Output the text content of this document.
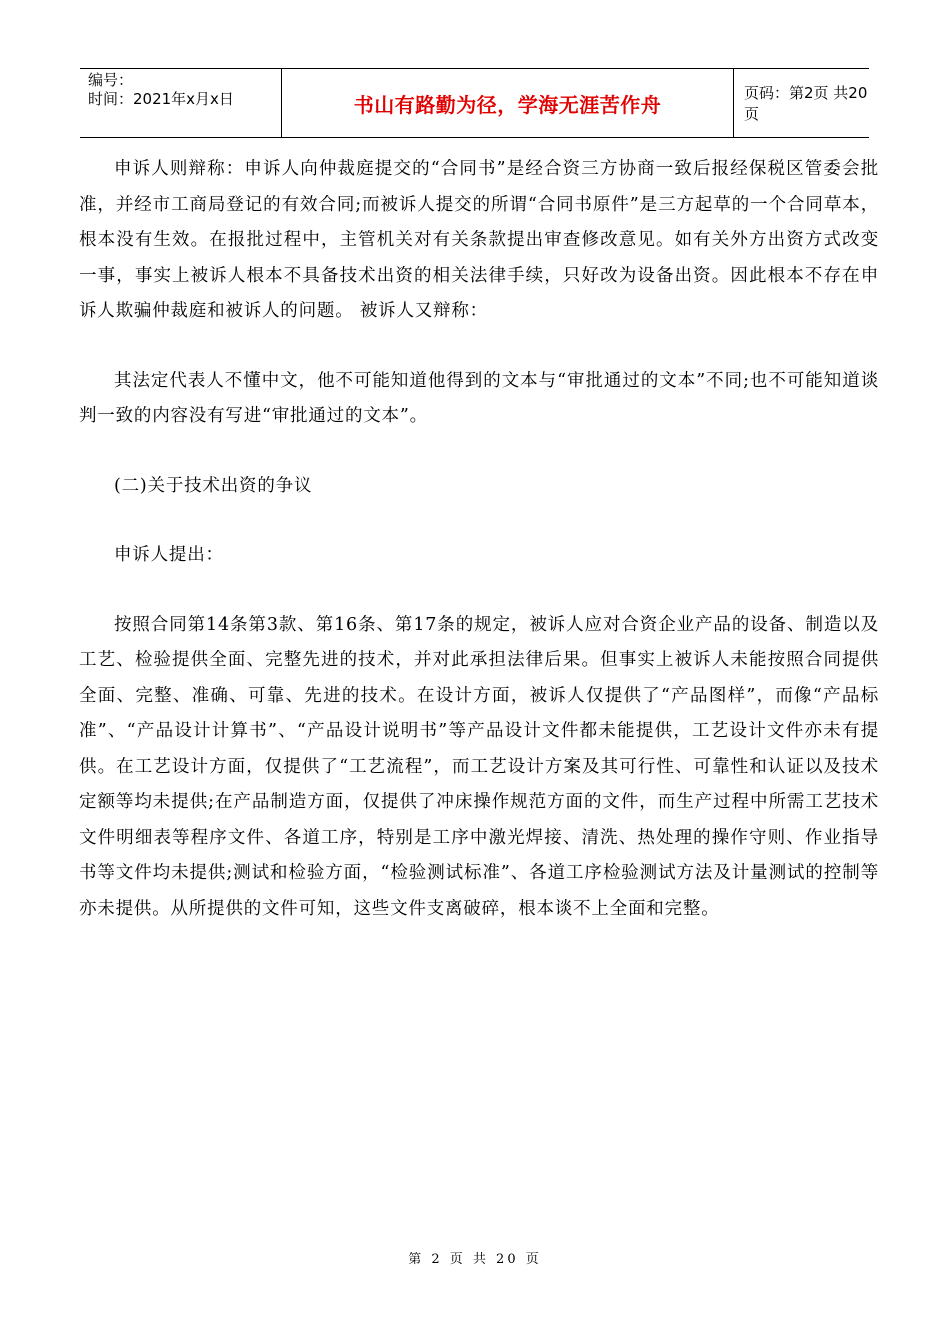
编号：
时间：2021年x月x日	书山有路勤为径，学海无涯苦作舟	页码：第2页 共20页

申诉人则辩称：申诉人向仲裁庭提交的“合同书”是经合资三方协商一致后报经保税区管委会批准，并经市工商局登记的有效合同;而被诉人提交的所谓“合同书原件”是三方起草的一个合同草本，根本没有生效。在报批过程中，主管机关对有关条款提出审查修改意见。如有关外方出资方式改变一事，事实上被诉人根本不具备技术出资的相关法律手续，只好改为设备出资。因此根本不存在申诉人欺骗仲裁庭和被诉人的问题。 被诉人又辩称：

其法定代表人不懂中文，他不可能知道他得到的文本与“审批通过的文本”不同;也不可能知道谈判一致的内容没有写进“审批通过的文本”。

(二)关于技术出资的争议

申诉人提出：

按照合同第14条第3款、第16条、第17条的规定，被诉人应对合资企业产品的设备、制造以及工艺、检验提供全面、完整先进的技术，并对此承担法律后果。但事实上被诉人未能按照合同提供全面、完整、准确、可靠、先进的技术。在设计方面，被诉人仅提供了“产品图样”，而像“产品标准”、“产品设计计算书”、“产品设计说明书”等产品设计文件都未能提供，工艺设计文件亦未有提供。在工艺设计方面，仅提供了“工艺流程”，而工艺设计方案及其可行性、可靠性和认证以及技术定额等均未提供;在产品制造方面，仅提供了冲床操作规范方面的文件，而生产过程中所需工艺技术文件明细表等程序文件、各道工序，特别是工序中激光焊接、清洗、热处理的操作守则、作业指导书等文件均未提供;测试和检验方面，“检验测试标准”、各道工序检验测试方法及计量测试的控制等亦未提供。从所提供的文件可知，这些文件支离破碎，根本谈不上全面和完整。

第 2 页 共 20 页
